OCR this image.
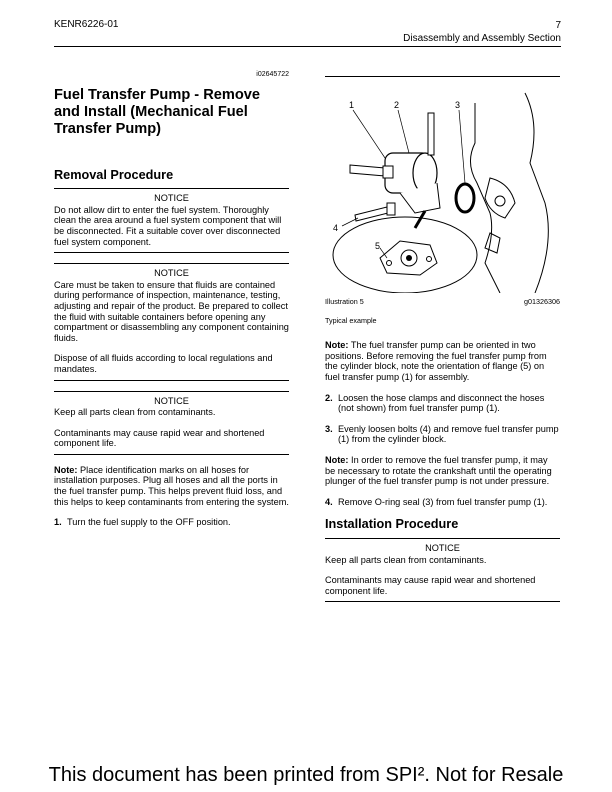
KENR6226-01	7
Disassembly and Assembly Section
i02645722
Fuel Transfer Pump - Remove and Install (Mechanical Fuel Transfer Pump)
Removal Procedure
NOTICE

Do not allow dirt to enter the fuel system. Thoroughly clean the area around a fuel system component that will be disconnected. Fit a suitable cover over disconnected fuel system component.

NOTICE

Care must be taken to ensure that fluids are contained during performance of inspection, maintenance, testing, adjusting and repair of the product. Be prepared to collect the fluid with suitable containers before opening any compartment or disassembling any component containing fluids.

Dispose of all fluids according to local regulations and mandates.

NOTICE

Keep all parts clean from contaminants.

Contaminants may cause rapid wear and shortened component life.

Note: Place identification marks on all hoses for installation purposes. Plug all hoses and all the ports in the fuel transfer pump. This helps prevent fluid loss, and this helps to keep contaminants from entering the system.

1. Turn the fuel supply to the OFF position.
1	2	3
4
5
Illustration 5	g01326306
Typical example

Note: The fuel transfer pump can be oriented in two positions. Before removing the fuel transfer pump from the cylinder block, note the orientation of flange (5) on fuel transfer pump (1) for assembly.

2. Loosen the hose clamps and disconnect the hoses (not shown) from fuel transfer pump (1).
3. Evenly loosen bolts (4) and remove fuel transfer pump (1) from the cylinder block.

Note: In order to remove the fuel transfer pump, it may be necessary to rotate the crankshaft until the operating plunger of the fuel transfer pump is not under pressure.

4. Remove O-ring seal (3) from fuel transfer pump (1).
Installation Procedure
NOTICE

Keep all parts clean from contaminants.

Contaminants may cause rapid wear and shortened component life.

This document has been printed from SPI². Not for Resale
